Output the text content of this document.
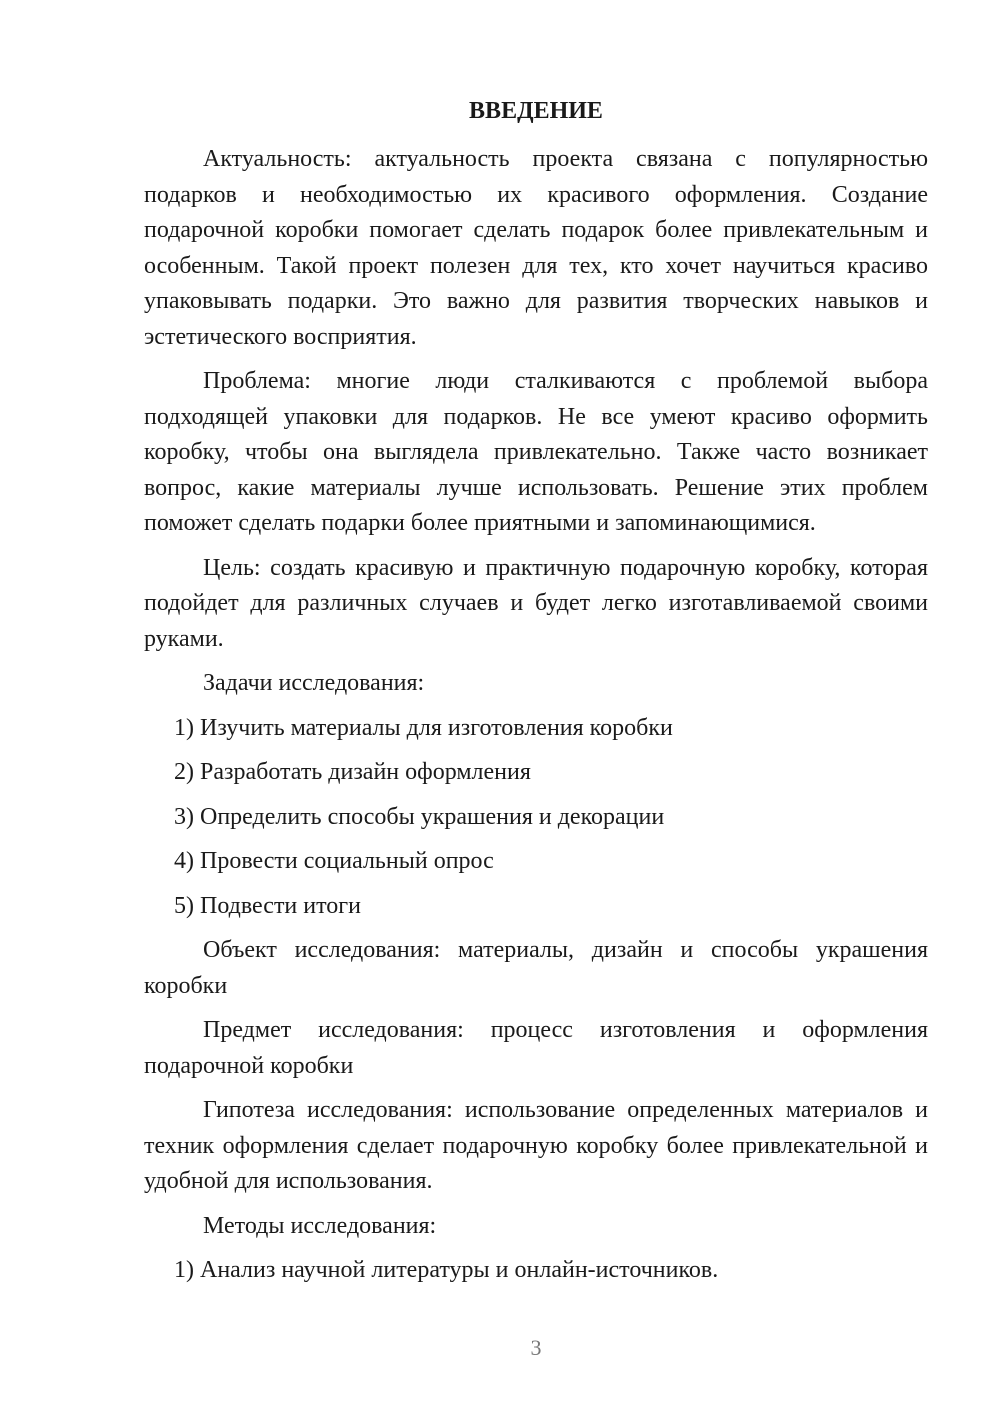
ВВЕДЕНИЕ

Актуальность: актуальность проекта связана с популярностью подарков и необходимостью их красивого оформления. Создание подарочной коробки помогает сделать подарок более привлекательным и особенным. Такой проект полезен для тех, кто хочет научиться красиво упаковывать подарки. Это важно для развития творческих навыков и эстетического восприятия.

Проблема: многие люди сталкиваются с проблемой выбора подходящей упаковки для подарков. Не все умеют красиво оформить коробку, чтобы она выглядела привлекательно. Также часто возникает вопрос, какие материалы лучше использовать. Решение этих проблем поможет сделать подарки более приятными и запоминающимися.

Цель: создать красивую и практичную подарочную коробку, которая подойдет для различных случаев и будет легко изготавливаемой своими руками.

Задачи исследования:

1) Изучить материалы для изготовления коробки
2) Разработать дизайн оформления
3) Определить способы украшения и декорации
4) Провести социальный опрос
5) Подвести итоги

Объект исследования: материалы, дизайн и способы украшения коробки

Предмет исследования: процесс изготовления и оформления подарочной коробки

Гипотеза исследования: использование определенных материалов и техник оформления сделает подарочную коробку более привлекательной и удобной для использования.

Методы исследования:

1) Анализ научной литературы и онлайн-источников.
3
